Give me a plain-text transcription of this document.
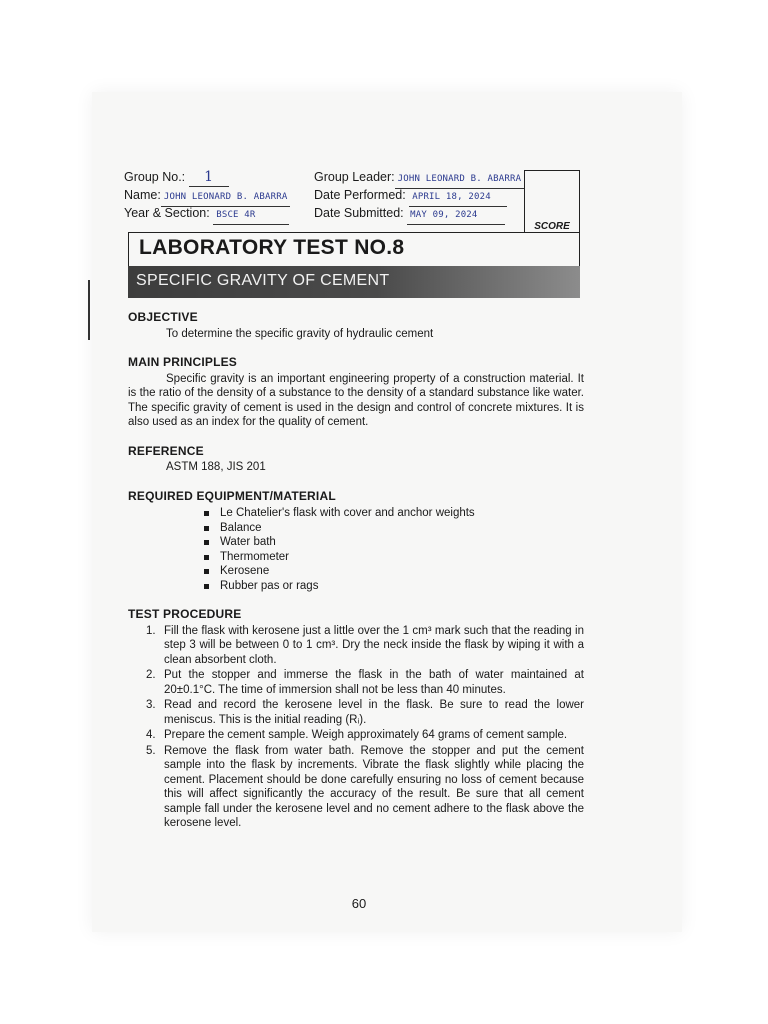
Group No.: 1	Group Leader: JOHN LEONARD B. ABARRA
Name: JOHN LEONARD B. ABARRA Date Performed: APRIL 18, 2024
Year & Section: BSCE 4R	Date Submitted: MAY 09, 2024
SCORE
LABORATORY TEST NO.8
SPECIFIC GRAVITY OF CEMENT
OBJECTIVE

To determine the specific gravity of hydraulic cement

MAIN PRINCIPLES

Specific gravity is an important engineering property of a construction material. It is the ratio of the density of a substance to the density of a standard substance like water. The specific gravity of cement is used in the design and control of concrete mixtures. It is also used as an index for the quality of cement.

REFERENCE

ASTM 188, JIS 201

REQUIRED EQUIPMENT/MATERIAL
Le Chatelier's flask with cover and anchor weights
Balance
Water bath
Thermometer
Kerosene
Rubber pas or rags
TEST PROCEDURE
1. Fill the flask with kerosene just a little over the 1 cm³ mark such that the reading in step 3 will be between 0 to 1 cm³. Dry the neck inside the flask by wiping it with a clean absorbent cloth.
2. Put the stopper and immerse the flask in the bath of water maintained at 20±0.1°C. The time of immersion shall not be less than 40 minutes.
3. Read and record the kerosene level in the flask. Be sure to read the lower meniscus. This is the initial reading (Rᵢ).
4. Prepare the cement sample. Weigh approximately 64 grams of cement sample.
5. Remove the flask from water bath. Remove the stopper and put the cement sample into the flask by increments. Vibrate the flask slightly while placing the cement. Placement should be done carefully ensuring no loss of cement because this will affect significantly the accuracy of the result. Be sure that all cement sample fall under the kerosene level and no cement adhere to the flask above the kerosene level.
60
